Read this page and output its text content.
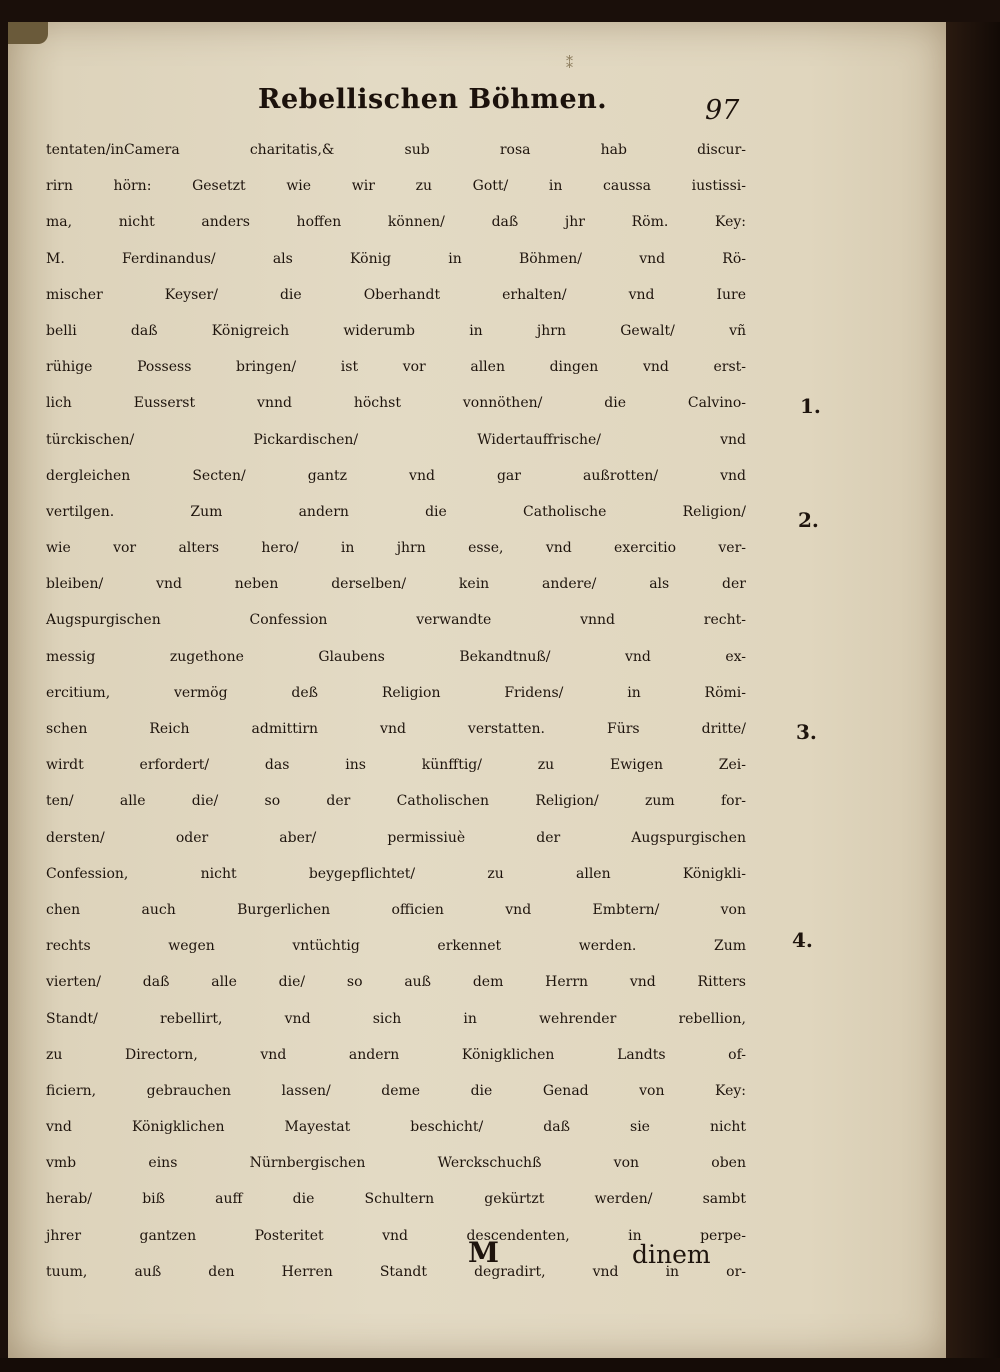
⁑
Rebellischen Böhmen.	97
tentaten/inCamera charitatis,& sub rosa hab discur-
rirn hörn: Gesetzt wie wir zu Gott/ in caussa iustissi-
ma, nicht anders hoffen können/ daß jhr Röm. Key:
M. Ferdinandus/ als König in Böhmen/ vnd Rö-
mischer Keyser/ die Oberhandt erhalten/ vnd Iure
belli daß Königreich widerumb in jhrn Gewalt/ vñ
rühige Possess bringen/ ist vor allen dingen vnd erst-
lich Eusserst vnnd höchst vonnöthen/ die Calvino-
türckischen/ Pickardischen/ Widertauffrische/ vnd
dergleichen Secten/ gantz vnd gar außrotten/ vnd
vertilgen. Zum andern die Catholische Religion/
wie vor alters hero/ in jhrn esse, vnd exercitio ver-
bleiben/ vnd neben derselben/ kein andere/ als der
Augspurgischen Confession verwandte vnnd recht-
messig zugethone Glaubens Bekandtnuß/ vnd ex-
ercitium, vermög deß Religion Fridens/ in Römi-
schen Reich admittirn vnd verstatten. Fürs dritte/
wirdt erfordert/ das ins künfftig/ zu Ewigen Zei-
ten/ alle die/ so der Catholischen Religion/ zum for-
dersten/ oder aber/ permissiuè der Augspurgischen
Confession, nicht beygepflichtet/ zu allen Königkli-
chen auch Burgerlichen officien vnd Embtern/ von
rechts wegen vntüchtig erkennet werden. Zum
vierten/ daß alle die/ so auß dem Herrn vnd Ritters
Standt/ rebellirt, vnd sich in wehrender rebellion,
zu Directorn, vnd andern Königklichen Landts of-
ficiern, gebrauchen lassen/ deme die Genad von Key:
vnd Königklichen Mayestat beschicht/ daß sie nicht
vmb eins Nürnbergischen Werckschuchß von oben
herab/ biß auff die Schultern gekürtzt werden/ sambt
jhrer gantzen Posteritet vnd descendenten, in perpe-
tuum, auß den Herren Standt degradirt, vnd in or-
1.
2.
3.
4.
M	dinem
